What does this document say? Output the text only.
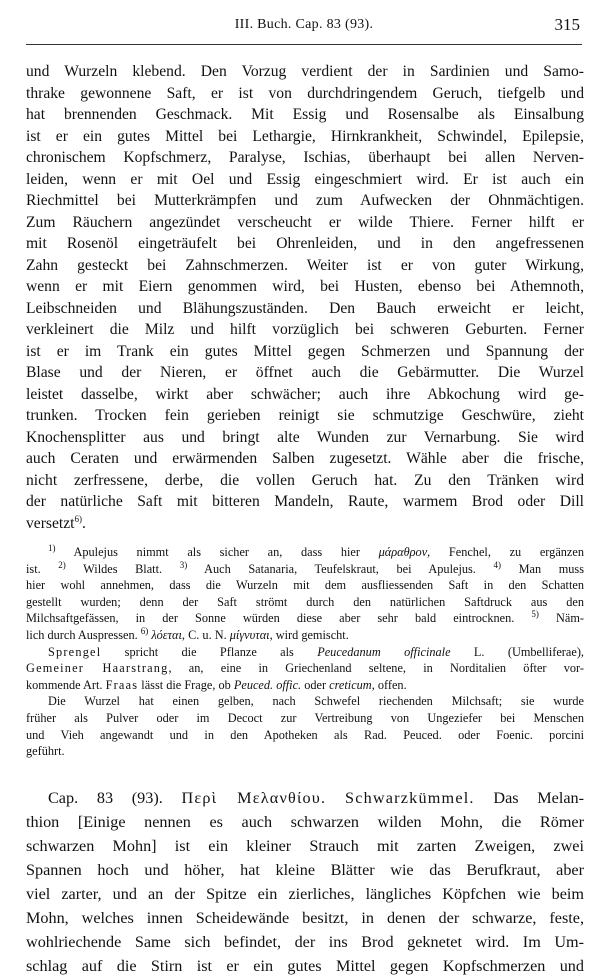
III. Buch. Cap. 83 (93).	315
und Wurzeln klebend. Den Vorzug verdient der in Sardinien und Samo-
thrake gewonnene Saft, er ist von durchdringendem Geruch, tiefgelb und
hat brennenden Geschmack. Mit Essig und Rosensalbe als Einsalbung
ist er ein gutes Mittel bei Lethargie, Hirnkrankheit, Schwindel, Epilepsie,
chronischem Kopfschmerz, Paralyse, Ischias, überhaupt bei allen Nerven-
leiden, wenn er mit Oel und Essig eingeschmiert wird. Er ist auch ein
Riechmittel bei Mutterkrämpfen und zum Aufwecken der Ohnmächtigen.
Zum Räuchern angezündet verscheucht er wilde Thiere. Ferner hilft er
mit Rosenöl eingeträufelt bei Ohrenleiden, und in den angefressenen
Zahn gesteckt bei Zahnschmerzen. Weiter ist er von guter Wirkung,
wenn er mit Eiern genommen wird, bei Husten, ebenso bei Athemnoth,
Leibschneiden und Blähungszuständen. Den Bauch erweicht er leicht,
verkleinert die Milz und hilft vorzüglich bei schweren Geburten. Ferner
ist er im Trank ein gutes Mittel gegen Schmerzen und Spannung der
Blase und der Nieren, er öffnet auch die Gebärmutter. Die Wurzel
leistet dasselbe, wirkt aber schwächer; auch ihre Abkochung wird ge-
trunken. Trocken fein gerieben reinigt sie schmutzige Geschwüre, zieht
Knochensplitter aus und bringt alte Wunden zur Vernarbung. Sie wird
auch Ceraten und erwärmenden Salben zugesetzt. Wähle aber die frische,
nicht zerfressene, derbe, die vollen Geruch hat. Zu den Tränken wird
der natürliche Saft mit bitteren Mandeln, Raute, warmem Brod oder Dill
versetzt$^{6)}$.
$^{1)}$ Apulejus nimmt als sicher an, dass hier μάραθρον, Fenchel, zu ergänzen
ist. $^{2)}$ Wildes Blatt. $^{3)}$ Auch Satanaria, Teufelskraut, bei Apulejus. $^{4)}$ Man muss
hier wohl annehmen, dass die Wurzeln mit dem ausfliessenden Saft in den Schatten
gestellt wurden; denn der Saft strömt durch den natürlichen Saftdruck aus den
Milchsaftgefässen, in der Sonne würden diese aber sehr bald eintrocknen. $^{5)}$ Näm-
lich durch Auspressen. $^{6)}$ λόεται, C. u. N. μίγνυται, wird gemischt.
Sprengel spricht die Pflanze als Peucedanum officinale L. (Umbelliferae),
Gemeiner Haarstrang, an, eine in Griechenland seltene, in Norditalien öfter vor-
kommende Art. Fraas lässt die Frage, ob Peuced. offic. oder creticum, offen.
Die Wurzel hat einen gelben, nach Schwefel riechenden Milchsaft; sie wurde
früher als Pulver oder im Decoct zur Vertreibung von Ungeziefer bei Menschen
und Vieh angewandt und in den Apotheken als Rad. Peuced. oder Foenic. porcini
geführt.
Cap. 83 (93). Περὶ Μελανθίου. Schwarzkümmel. Das Melan-
thion [Einige nennen es auch schwarzen wilden Mohn, die Römer
schwarzen Mohn] ist ein kleiner Strauch mit zarten Zweigen, zwei
Spannen hoch und höher, hat kleine Blätter wie das Berufkraut, aber
viel zarter, und an der Spitze ein zierliches, längliches Köpfchen wie beim
Mohn, welches innen Scheidewände besitzt, in denen der schwarze, feste,
wohlriechende Same sich befindet, der ins Brod geknetet wird. Im Um-
schlag auf die Stirn ist er ein gutes Mittel gegen Kopfschmerzen und
